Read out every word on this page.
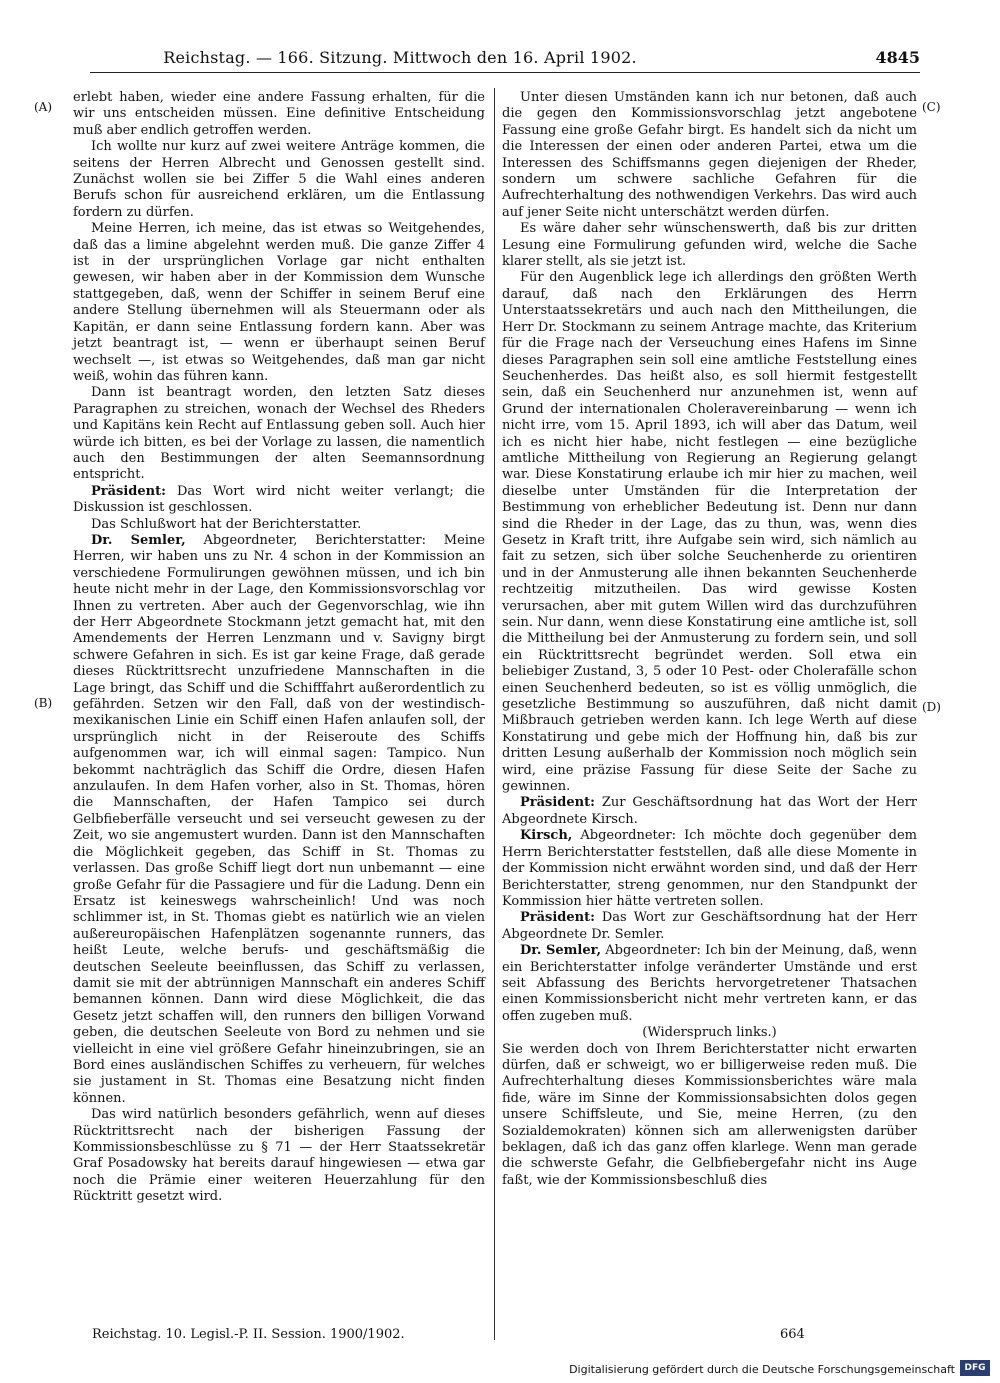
Reichstag. — 166. Sitzung. Mittwoch den 16. April 1902.	4845
(A)
(B)
(C)
(D)

erlebt haben, wieder eine andere Fassung erhalten, für die wir uns entscheiden müssen. Eine definitive Entscheidung muß aber endlich getroffen werden.

Ich wollte nur kurz auf zwei weitere Anträge kommen, die seitens der Herren Albrecht und Genossen gestellt sind. Zunächst wollen sie bei Ziffer 5 die Wahl eines anderen Berufs schon für ausreichend erklären, um die Entlassung fordern zu dürfen.

Meine Herren, ich meine, das ist etwas so Weitgehendes, daß das a limine abgelehnt werden muß. Die ganze Ziffer 4 ist in der ursprünglichen Vorlage gar nicht enthalten gewesen, wir haben aber in der Kommission dem Wunsche stattgegeben, daß, wenn der Schiffer in seinem Beruf eine andere Stellung übernehmen will als Steuermann oder als Kapitän, er dann seine Entlassung fordern kann. Aber was jetzt beantragt ist, — wenn er überhaupt seinen Beruf wechselt —, ist etwas so Weitgehendes, daß man gar nicht weiß, wohin das führen kann.

Dann ist beantragt worden, den letzten Satz dieses Paragraphen zu streichen, wonach der Wechsel des Rheders und Kapitäns kein Recht auf Entlassung geben soll. Auch hier würde ich bitten, es bei der Vorlage zu lassen, die namentlich auch den Bestimmungen der alten Seemannsordnung entspricht.

Präsident: Das Wort wird nicht weiter verlangt; die Diskussion ist geschlossen.

Das Schlußwort hat der Berichterstatter.

Dr. Semler, Abgeordneter, Berichterstatter: Meine Herren, wir haben uns zu Nr. 4 schon in der Kommission an verschiedene Formulirungen gewöhnen müssen, und ich bin heute nicht mehr in der Lage, den Kommissionsvorschlag vor Ihnen zu vertreten. Aber auch der Gegenvorschlag, wie ihn der Herr Abgeordnete Stockmann jetzt gemacht hat, mit den Amendements der Herren Lenzmann und v. Savigny birgt schwere Gefahren in sich. Es ist gar keine Frage, daß gerade dieses Rücktrittsrecht unzufriedene Mannschaften in die Lage bringt, das Schiff und die Schifffahrt außerordentlich zu gefährden. Setzen wir den Fall, daß von der westindisch-mexikanischen Linie ein Schiff einen Hafen anlaufen soll, der ursprünglich nicht in der Reiseroute des Schiffs aufgenommen war, ich will einmal sagen: Tampico. Nun bekommt nachträglich das Schiff die Ordre, diesen Hafen anzulaufen. In dem Hafen vorher, also in St. Thomas, hören die Mannschaften, der Hafen Tampico sei durch Gelbfieberfälle verseucht und sei verseucht gewesen zu der Zeit, wo sie angemustert wurden. Dann ist den Mannschaften die Möglichkeit gegeben, das Schiff in St. Thomas zu verlassen. Das große Schiff liegt dort nun unbemannt — eine große Gefahr für die Passagiere und für die Ladung. Denn ein Ersatz ist keineswegs wahrscheinlich! Und was noch schlimmer ist, in St. Thomas giebt es natürlich wie an vielen außereuropäischen Hafenplätzen sogenannte runners, das heißt Leute, welche berufs- und geschäftsmäßig die deutschen Seeleute beeinflussen, das Schiff zu verlassen, damit sie mit der abtrünnigen Mannschaft ein anderes Schiff bemannen können. Dann wird diese Möglichkeit, die das Gesetz jetzt schaffen will, den runners den billigen Vorwand geben, die deutschen Seeleute von Bord zu nehmen und sie vielleicht in eine viel größere Gefahr hineinzubringen, sie an Bord eines ausländischen Schiffes zu verheuern, für welches sie justament in St. Thomas eine Besatzung nicht finden können.

Das wird natürlich besonders gefährlich, wenn auf dieses Rücktrittsrecht nach der bisherigen Fassung der Kommissionsbeschlüsse zu § 71 — der Herr Staatssekretär Graf Posadowsky hat bereits darauf hingewiesen — etwa gar noch die Prämie einer weiteren Heuerzahlung für den Rücktritt gesetzt wird.

Unter diesen Umständen kann ich nur betonen, daß auch die gegen den Kommissionsvorschlag jetzt angebotene Fassung eine große Gefahr birgt. Es handelt sich da nicht um die Interessen der einen oder anderen Partei, etwa um die Interessen des Schiffsmanns gegen diejenigen der Rheder, sondern um schwere sachliche Gefahren für die Aufrechterhaltung des nothwendigen Verkehrs. Das wird auch auf jener Seite nicht unterschätzt werden dürfen.

Es wäre daher sehr wünschenswerth, daß bis zur dritten Lesung eine Formulirung gefunden wird, welche die Sache klarer stellt, als sie jetzt ist.

Für den Augenblick lege ich allerdings den größten Werth darauf, daß nach den Erklärungen des Herrn Unterstaatssekretärs und auch nach den Mittheilungen, die Herr Dr. Stockmann zu seinem Antrage machte, das Kriterium für die Frage nach der Verseuchung eines Hafens im Sinne dieses Paragraphen sein soll eine amtliche Feststellung eines Seuchenherdes. Das heißt also, es soll hiermit festgestellt sein, daß ein Seuchenherd nur anzunehmen ist, wenn auf Grund der internationalen Choleravereinbarung — wenn ich nicht irre, vom 15. April 1893, ich will aber das Datum, weil ich es nicht hier habe, nicht festlegen — eine bezügliche amtliche Mittheilung von Regierung an Regierung gelangt war. Diese Konstatirung erlaube ich mir hier zu machen, weil dieselbe unter Umständen für die Interpretation der Bestimmung von erheblicher Bedeutung ist. Denn nur dann sind die Rheder in der Lage, das zu thun, was, wenn dies Gesetz in Kraft tritt, ihre Aufgabe sein wird, sich nämlich au fait zu setzen, sich über solche Seuchenherde zu orientiren und in der Anmusterung alle ihnen bekannten Seuchenherde rechtzeitig mitzutheilen. Das wird gewisse Kosten verursachen, aber mit gutem Willen wird das durchzuführen sein. Nur dann, wenn diese Konstatirung eine amtliche ist, soll die Mittheilung bei der Anmusterung zu fordern sein, und soll ein Rücktrittsrecht begründet werden. Soll etwa ein beliebiger Zustand, 3, 5 oder 10 Pest- oder Cholerafälle schon einen Seuchenherd bedeuten, so ist es völlig unmöglich, die gesetzliche Bestimmung so auszuführen, daß nicht damit Mißbrauch getrieben werden kann. Ich lege Werth auf diese Konstatirung und gebe mich der Hoffnung hin, daß bis zur dritten Lesung außerhalb der Kommission noch möglich sein wird, eine präzise Fassung für diese Seite der Sache zu gewinnen.

Präsident: Zur Geschäftsordnung hat das Wort der Herr Abgeordnete Kirsch.

Kirsch, Abgeordneter: Ich möchte doch gegenüber dem Herrn Berichterstatter feststellen, daß alle diese Momente in der Kommission nicht erwähnt worden sind, und daß der Herr Berichterstatter, streng genommen, nur den Standpunkt der Kommission hier hätte vertreten sollen.

Präsident: Das Wort zur Geschäftsordnung hat der Herr Abgeordnete Dr. Semler.

Dr. Semler, Abgeordneter: Ich bin der Meinung, daß, wenn ein Berichterstatter infolge veränderter Umstände und erst seit Abfassung des Berichts hervorgetretener Thatsachen einen Kommissionsbericht nicht mehr vertreten kann, er das offen zugeben muß.

(Widerspruch links.)

Sie werden doch von Ihrem Berichterstatter nicht erwarten dürfen, daß er schweigt, wo er billigerweise reden muß. Die Aufrechterhaltung dieses Kommissionsberichtes wäre mala fide, wäre im Sinne der Kommissionsabsichten dolos gegen unsere Schiffsleute, und Sie, meine Herren, (zu den Sozialdemokraten) können sich am allerwenigsten darüber beklagen, daß ich das ganz offen klarlege. Wenn man gerade die schwerste Gefahr, die Gelbfiebergefahr nicht ins Auge faßt, wie der Kommissionsbeschluß dies

Reichstag. 10. Legisl.-P. II. Session. 1900/1902.	664
Digitalisierung gefördert durch die Deutsche Forschungsgemeinschaft	DFG
